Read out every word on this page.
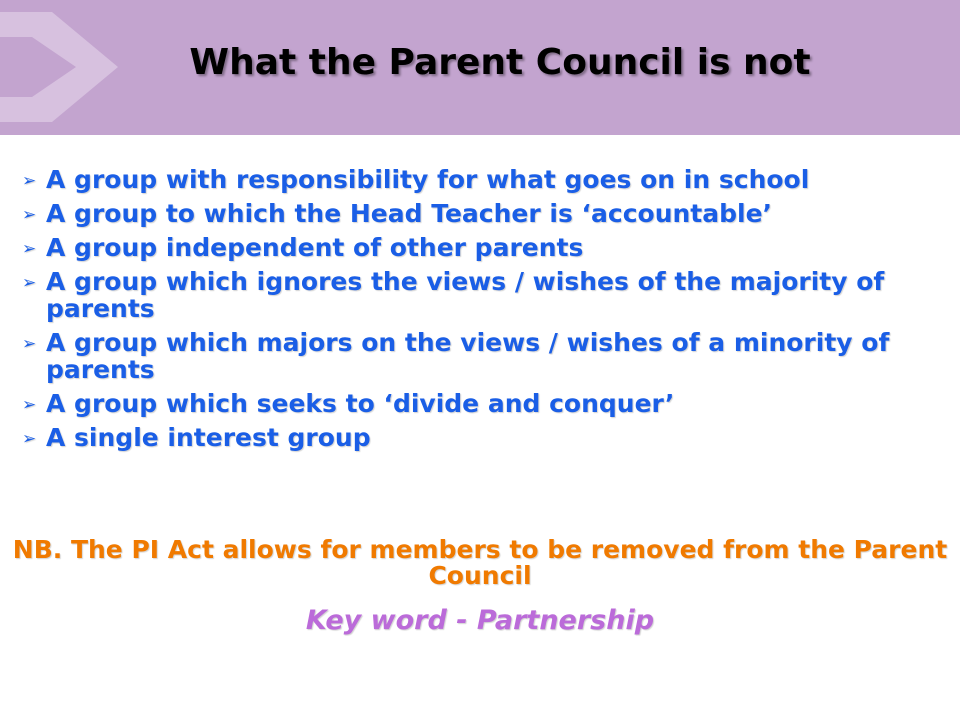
What the Parent Council is not
➢ A group with responsibility for what goes on in school
➢ A group to which the Head Teacher is ‘accountable’
➢ A group independent of other parents
➢ A group which ignores the views / wishes of the majority of parents
➢ A group which majors on the views / wishes of a minority of parents
➢ A group which seeks to ‘divide and conquer’
➢ A single interest group
NB. The PI Act allows for members to be removed from the Parent Council
Key word - Partnership
